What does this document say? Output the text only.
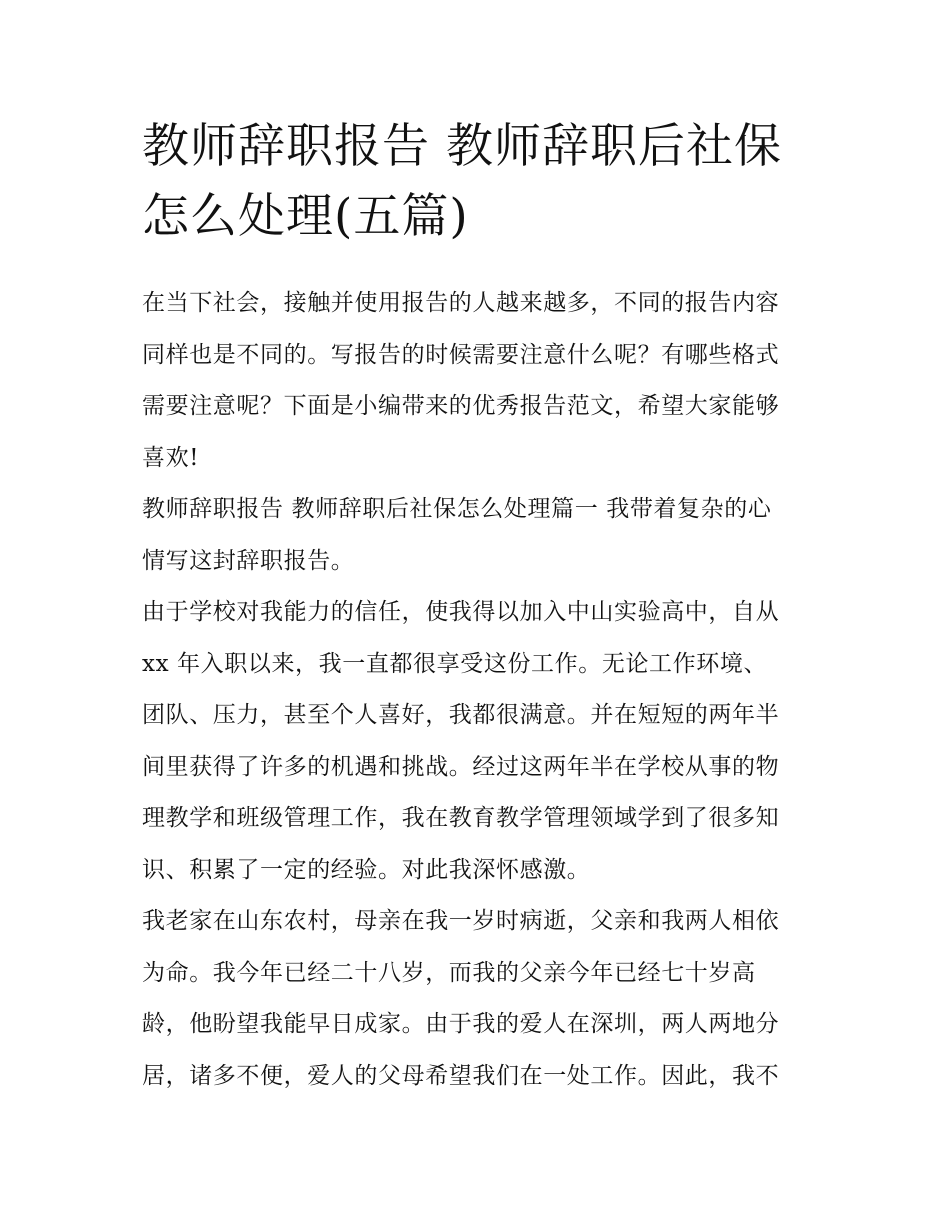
教师辞职报告 教师辞职后社保
怎么处理(五篇)

在当下社会，接触并使用报告的人越来越多，不同的报告内容
同样也是不同的。写报告的时候需要注意什么呢？有哪些格式
需要注意呢？下面是小编带来的优秀报告范文，希望大家能够
喜欢!

教师辞职报告 教师辞职后社保怎么处理篇一 我带着复杂的心
情写这封辞职报告。

由于学校对我能力的信任，使我得以加入中山实验高中，自从
xx 年入职以来，我一直都很享受这份工作。无论工作环境、
团队、压力，甚至个人喜好，我都很满意。并在短短的两年半
间里获得了许多的机遇和挑战。经过这两年半在学校从事的物
理教学和班级管理工作，我在教育教学管理领域学到了很多知
识、积累了一定的经验。对此我深怀感激。

我老家在山东农村，母亲在我一岁时病逝，父亲和我两人相依
为命。我今年已经二十八岁，而我的父亲今年已经七十岁高
龄，他盼望我能早日成家。由于我的爱人在深圳，两人两地分
居，诸多不便，爱人的父母希望我们在一处工作。因此，我不
